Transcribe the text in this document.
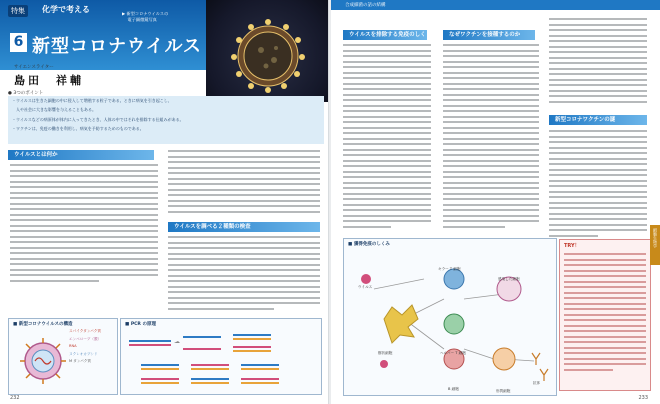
特集	化学で考える	▶ 新型コロナウイルスの
　 電子顕微鏡写真
6 新型コロナウイルス
サイエンスライター
島田　祥輔
● 3つのポイント
・ウイルスは生きた細胞の中に侵入して増殖する粒子である。ときに病気を引き起こし、
　人や社会に大きな影響を与えることもある。
・ウイルスなどの病原体が体内に入ってきたとき、人体の中ではそれを排除する仕組みがある。
・ワクチンは、免疫の働きを利用し、病気を予防するためのものである。
ウイルスとは何か
ウイルスを調べる２種類の検査
■ 新型コロナウイルスの構造
スパイクタンパク質
エンベロープ（膜）
RNA
ヌクレオカプシド
M タンパク質
■ PCR の原理
232
合成細菌の話の結構
ウイルスを排除する免疫のしく	なぜワクチンを接種するのか
新型コロナワクチンの謎
■ 獲得免疫のしくみ
ウイルス
キラー T 細胞
感染した細胞
B 細胞
抗体
ヘルパー T 細胞
樹状細胞
形質細胞
TRY！	細胞生物学
233
